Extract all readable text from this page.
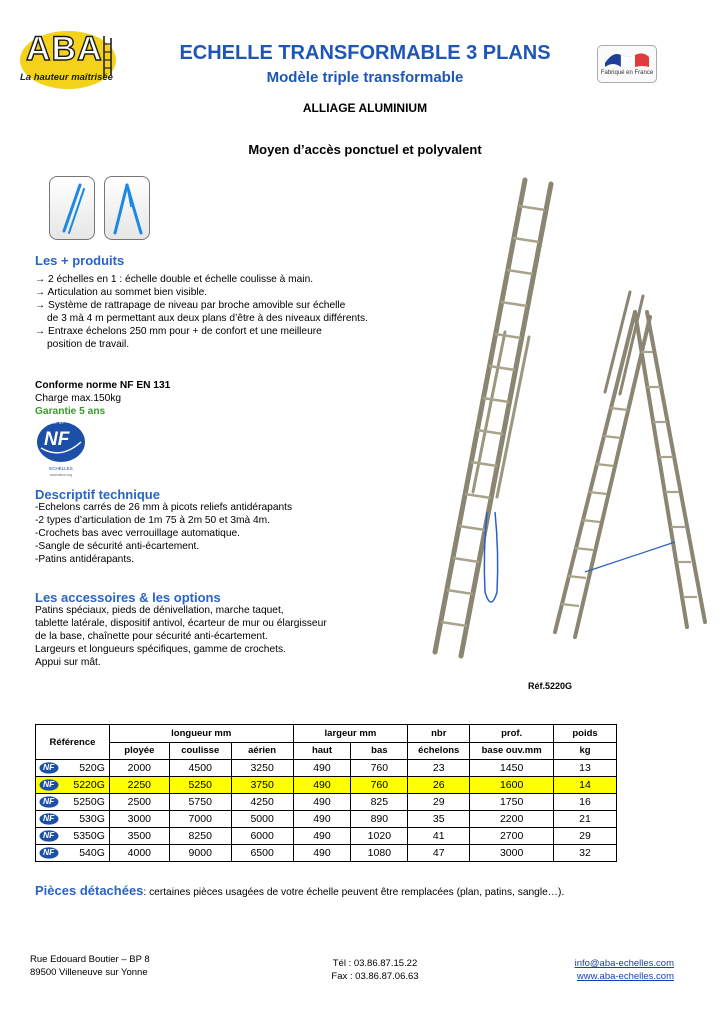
ABA
La hauteur maîtrisée
ECHELLE TRANSFORMABLE 3 PLANS
Modèle triple transformable
ALLIAGE ALUMINIUM
Moyen d’accès ponctuel et polyvalent
Fabriqué en France
Les + produits
→ 2 échelles en 1 : échelle double et échelle coulisse à main.
→ Articulation au sommet bien visible.
→ Système de rattrapage de niveau par broche amovible sur échelle
de 3 mà 4 m permettant aux deux plans d’être à des niveaux différents.
→ Entraxe échelons 250 mm pour + de confort et une meilleure
position de travail.
Conforme norme NF EN 131
Charge max.150kg
Garantie 5 ans
NF
MARQUE NF
ECHELLES
www.afnor.org
Descriptif technique
-Echelons carrés de 26 mm à picots reliefs antidérapants
-2 types d’articulation de 1m 75 à 2m 50 et 3mà 4m.
-Crochets bas avec verrouillage automatique.
-Sangle de sécurité anti-écartement.
-Patins antidérapants.
Les accessoires & les options
Patins spéciaux, pieds de dénivellation, marche taquet,
tablette latérale, dispositif antivol, écarteur de mur ou élargisseur
de la base, chaînette pour sécurité anti-écartement.
Largeurs et longueurs spécifiques, gamme de crochets.
Appui sur mât.
Réf.5220G
Référence	longueur mm			largeur mm		nbr	prof.	poids
	ployée	coulisse	aérien	haut	bas	échelons	base ouv.mm	kg

NF 520G	2000	4500	3250	490	760	23	1450	13

NF 5220G	2250	5250	3750	490	760	26	1600	14

NF 5250G	2500	5750	4250	490	825	29	1750	16

NF 530G	3000	7000	5000	490	890	35	2200	21

NF 5350G	3500	8250	6000	490	1020	41	2700	29

NF 540G	4000	9000	6500	490	1080	47	3000	32
Pièces détachées: certaines pièces usagées de votre échelle peuvent être remplacées (plan, patins, sangle…).
Rue Edouard Boutier – BP 8
89500 Villeneuve sur Yonne
Tél : 03.86.87.15.22
Fax : 03.86.87.06.63
info@aba-echelles.com
www.aba-echelles.com
